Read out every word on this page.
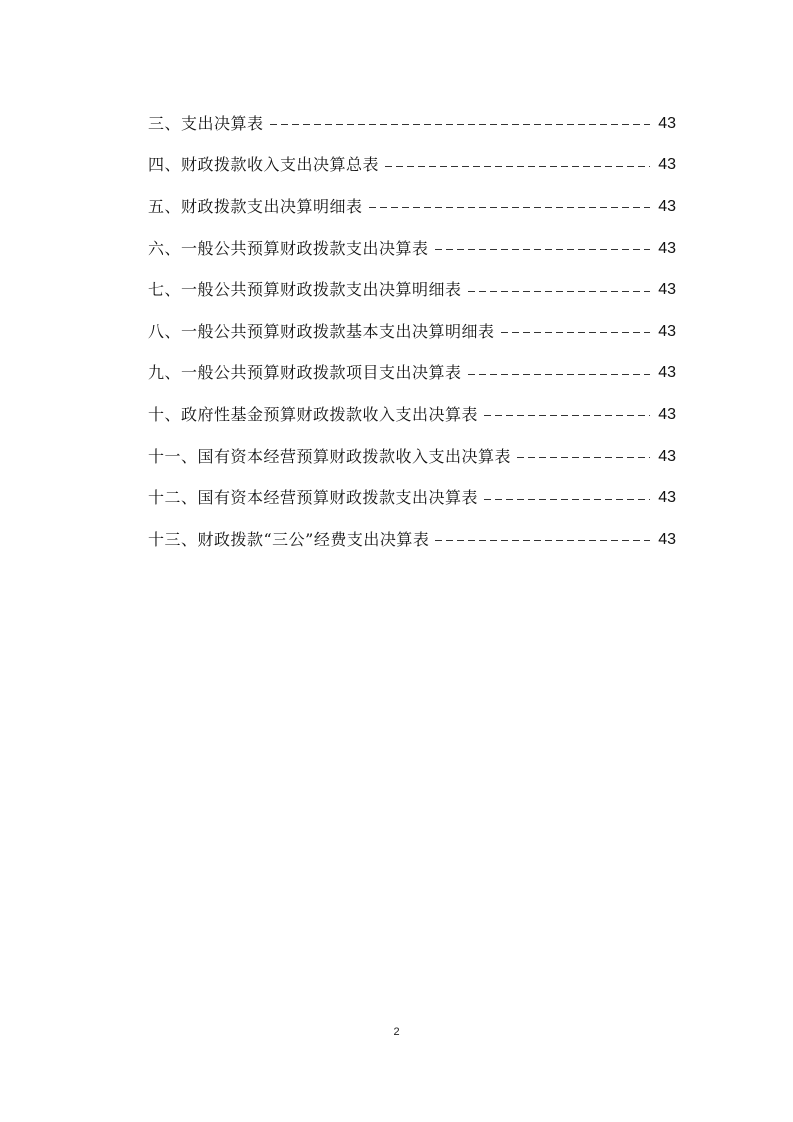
三、支出决算表	43
四、财政拨款收入支出决算总表	43
五、财政拨款支出决算明细表	43
六、一般公共预算财政拨款支出决算表	43
七、一般公共预算财政拨款支出决算明细表	43
八、一般公共预算财政拨款基本支出决算明细表	43
九、一般公共预算财政拨款项目支出决算表	43
十、政府性基金预算财政拨款收入支出决算表	43
十一、国有资本经营预算财政拨款收入支出决算表	43
十二、国有资本经营预算财政拨款支出决算表	43
十三、财政拨款“三公”经费支出决算表	43
2
